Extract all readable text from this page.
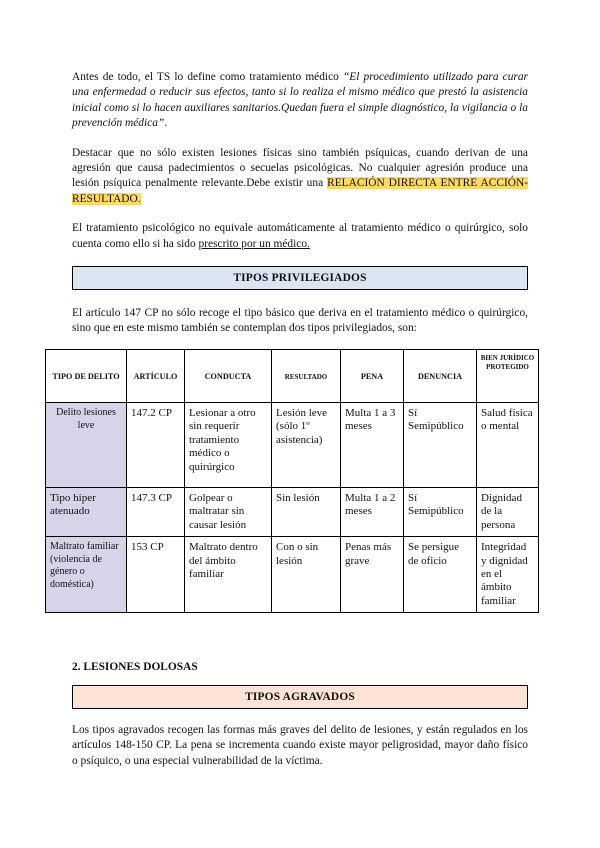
Antes de todo, el TS lo define como tratamiento médico “El procedimiento utilizado para curar una enfermedad o reducir sus efectos, tanto si lo realiza el mismo médico que prestó la asistencia inicial como si lo hacen auxiliares sanitarios.Quedan fuera el simple diagnóstico, la vigilancia o la prevención médica”.

Destacar que no sólo existen lesiones físicas sino también psíquicas, cuando derivan de una agresión que causa padecimientos o secuelas psicológicas. No cualquier agresión produce una lesión psíquica penalmente relevante.Debe existir una RELACIÓN DIRECTA ENTRE ACCIÓN-RESULTADO.

El tratamiento psicológico no equivale automáticamente al tratamiento médico o quirúrgico, solo cuenta como ello si ha sido prescrito por un médico.

TIPOS PRIVILEGIADOS

El artículo 147 CP no sólo recoge el tipo básico que deriva en el tratamiento médico o quirúrgico, sino que en este mismo también se contemplan dos tipos privilegiados, son:

2. LESIONES DOLOSAS
TIPOS AGRAVADOS

Los tipos agravados recogen las formas más graves del delito de lesiones, y están regulados en los artículos 148-150 CP. La pena se incrementa cuando existe mayor peligrosidad, mayor daño físico o psíquico, o una especial vulnerabilidad de la víctima.

TIPO DE DELITO	ARTÍCULO	CONDUCTA	RESULTADO	PENA	DENUNCIA	BIEN JURÍDICO PROTEGIDO
Delito lesiones leve	147.2 CP	Lesionar a otro sin requerir tratamiento médico o quirúrgico	Lesión leve (sólo 1º asistencia)	Multa 1 a 3 meses	Sí Semipúblico	Salud física o mental
Tipo hiper atenuado	147.3 CP	Golpear o maltratar sin causar lesión	Sin lesión	Multa 1 a 2 meses	Sí Semipúblico	Dignidad de la persona
Maltrato familiar (violencia de género o doméstica)	153 CP	Maltrato dentro del ámbito familiar	Con o sin lesión	Penas más grave	Se persigue de oficio	Integridad y dignidad en el ámbito familiar
